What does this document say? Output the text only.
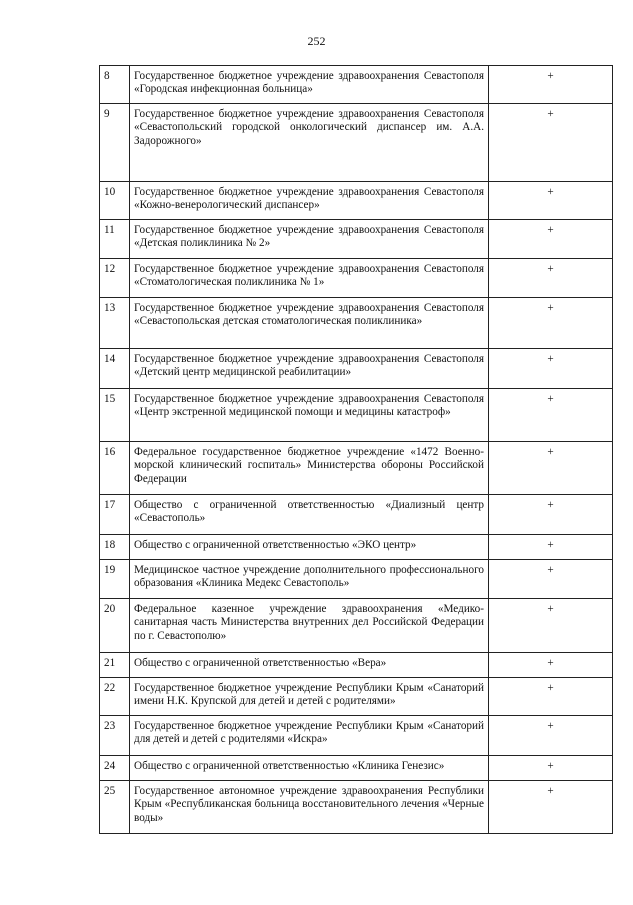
252
8	Государственное бюджетное учреждение здравоохранения Севастополя «Городская инфекционная больница»	+
9	Государственное бюджетное учреждение здравоохранения Севастополя «Севастопольский городской онкологический диспансер им. А.А. Задорожного»	+
10	Государственное бюджетное учреждение здравоохранения Севастополя «Кожно-венерологический диспансер»	+
11	Государственное бюджетное учреждение здравоохранения Севастополя «Детская поликлиника № 2»	+
12	Государственное бюджетное учреждение здравоохранения Севастополя «Стоматологическая поликлиника № 1»	+
13	Государственное бюджетное учреждение здравоохранения Севастополя «Севастопольская детская стоматологическая поликлиника»	+
14	Государственное бюджетное учреждение здравоохранения Севастополя «Детский центр медицинской реабилитации»	+
15	Государственное бюджетное учреждение здравоохранения Севастополя «Центр экстренной медицинской помощи и медицины катастроф»	+
16	Федеральное государственное бюджетное учреждение «1472 Военно-морской клинический госпиталь» Министерства обороны Российской Федерации	+
17	Общество с ограниченной ответственностью «Диализный центр «Севастополь»	+
18	Общество с ограниченной ответственностью «ЭКО центр»	+
19	Медицинское частное учреждение дополнительного профессионального образования «Клиника Медекс Севастополь»	+
20	Федеральное казенное учреждение здравоохранения «Медико-санитарная часть Министерства внутренних дел Российской Федерации по г. Севастополю»	+
21	Общество с ограниченной ответственностью «Вера»	+
22	Государственное бюджетное учреждение Республики Крым «Санаторий имени Н.К. Крупской для детей и детей с родителями»	+
23	Государственное бюджетное учреждение Республики Крым «Санаторий для детей и детей с родителями «Искра»	+
24	Общество с ограниченной ответственностью «Клиника Генезис»	+
25	Государственное автономное учреждение здравоохранения Республики Крым «Республиканская больница восстановительного лечения «Черные воды»	+
